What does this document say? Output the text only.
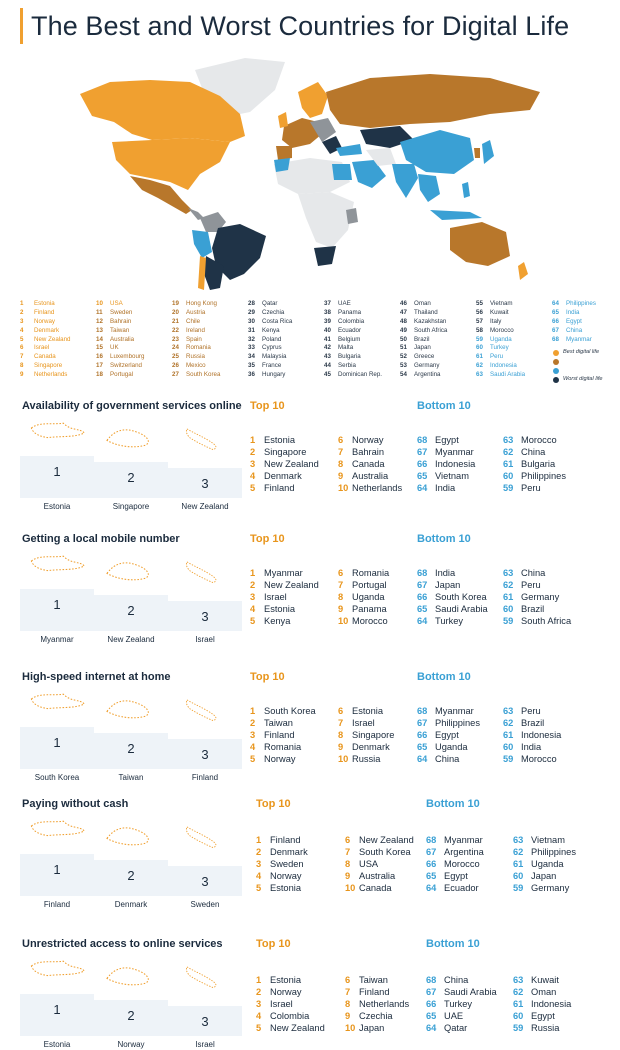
The Best and Worst Countries for Digital Life
1 Estonia
2 Finland
3 Norway
4 Denmark
5 New Zealand
6 Israel
7 Canada
8 Singapore
9 Netherlands
10 USA
11 Sweden
12 Bahrain
13 Taiwan
14 Australia
15 UK
16 Luxembourg
17 Switzerland
18 Portugal
19 Hong Kong
20 Austria
21 Chile
22 Ireland
23 Spain
24 Romania
25 Russia
26 Mexico
27 South Korea
28 Qatar
29 Czechia
30 Costa Rica
31 Kenya
32 Poland
33 Cyprus
34 Malaysia
35 France
36 Hungary
37 UAE
38 Panama
39 Colombia
40 Ecuador
41 Belgium
42 Malta
43 Bulgaria
44 Serbia
45 Dominican Rep.
46 Oman
47 Thailand
48 Kazakhstan
49 South Africa
50 Brazil
51 Japan
52 Greece
53 Germany
54 Argentina
55 Vietnam
56 Kuwait
57 Italy
58 Morocco
59 Uganda
60 Turkey
61 Peru
62 Indonesia
63 Saudi Arabia
64 Philippines
65 India
66 Egypt
67 China
68 Myanmar
Best digital life
Worst digital life
Availability of government services online
1
Estonia
2
Singapore
3
New Zealand
Top 10	Bottom 10
1 Estonia
2 Singapore
3 New Zealand
4 Denmark
5 Finland
6 Norway
7 Bahrain
8 Canada
9 Australia
10 Netherlands
68 Egypt
67 Myanmar
66 Indonesia
65 Vietnam
64 India
63 Morocco
62 China
61 Bulgaria
60 Philippines
59 Peru
Getting a local mobile number
1
Myanmar
2
New Zealand
3
Israel
Top 10	Bottom 10
1 Myanmar
2 New Zealand
3 Israel
4 Estonia
5 Kenya
6 Romania
7 Portugal
8 Uganda
9 Panama
10 Morocco
68 India
67 Japan
66 South Korea
65 Saudi Arabia
64 Turkey
63 China
62 Peru
61 Germany
60 Brazil
59 South Africa
High-speed internet at home
1
South Korea
2
Taiwan
3
Finland
Top 10	Bottom 10
1 South Korea
2 Taiwan
3 Finland
4 Romania
5 Norway
6 Estonia
7 Israel
8 Singapore
9 Denmark
10 Russia
68 Myanmar
67 Philippines
66 Egypt
65 Uganda
64 China
63 Peru
62 Brazil
61 Indonesia
60 India
59 Morocco
Paying without cash
1
Finland
2
Denmark
3
Sweden
Top 10	Bottom 10
1 Finland
2 Denmark
3 Sweden
4 Norway
5 Estonia
6 New Zealand
7 South Korea
8 USA
9 Australia
10 Canada
68 Myanmar
67 Argentina
66 Morocco
65 Egypt
64 Ecuador
63 Vietnam
62 Philippines
61 Uganda
60 Japan
59 Germany
Unrestricted access to online services
1
Estonia
2
Norway
3
Israel
Top 10	Bottom 10
1 Estonia
2 Norway
3 Israel
4 Colombia
5 New Zealand
6 Taiwan
7 Finland
8 Netherlands
9 Czechia
10 Japan
68 China
67 Saudi Arabia
66 Turkey
65 UAE
64 Qatar
63 Kuwait
62 Oman
61 Indonesia
60 Egypt
59 Russia
